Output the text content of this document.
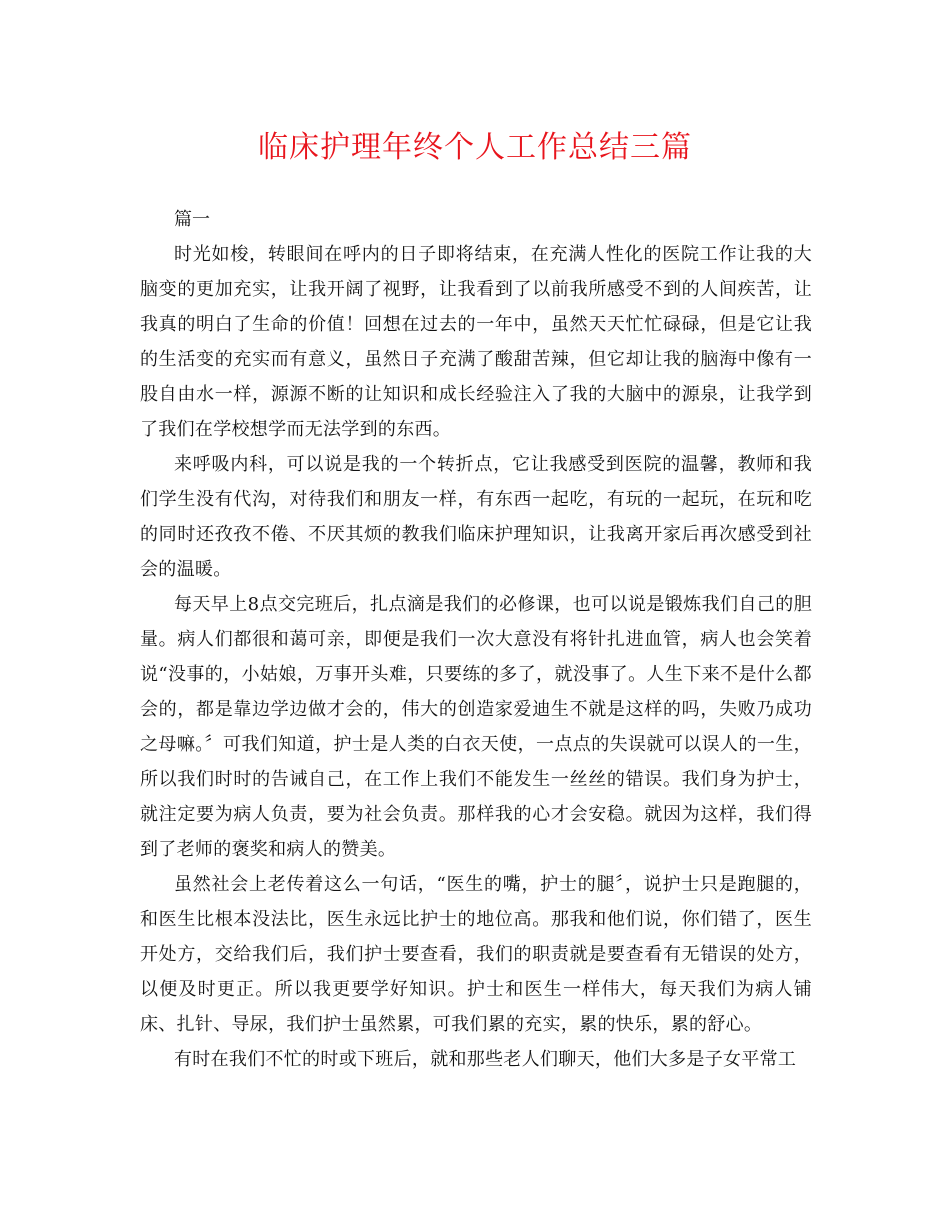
临床护理年终个人工作总结三篇

篇一

时光如梭，转眼间在呼内的日子即将结束，在充满人性化的医院工作让我的大脑变的更加充实，让我开阔了视野，让我看到了以前我所感受不到的人间疾苦，让我真的明白了生命的价值！回想在过去的一年中，虽然天天忙忙碌碌，但是它让我的生活变的充实而有意义，虽然日子充满了酸甜苦辣，但它却让我的脑海中像有一股自由水一样，源源不断的让知识和成长经验注入了我的大脑中的源泉，让我学到了我们在学校想学而无法学到的东西。

来呼吸内科，可以说是我的一个转折点，它让我感受到医院的温馨，教师和我们学生没有代沟，对待我们和朋友一样，有东西一起吃，有玩的一起玩，在玩和吃的同时还孜孜不倦、不厌其烦的教我们临床护理知识，让我离开家后再次感受到社会的温暖。

每天早上8点交完班后，扎点滴是我们的必修课，也可以说是锻炼我们自己的胆量。病人们都很和蔼可亲，即便是我们一次大意没有将针扎进血管，病人也会笑着说“没事的，小姑娘，万事开头难，只要练的多了，就没事了。人生下来不是什么都会的，都是靠边学边做才会的，伟大的创造家爱迪生不就是这样的吗，失败乃成功之母嘛。〞可我们知道，护士是人类的白衣天使，一点点的失误就可以误人的一生，所以我们时时的告诫自己，在工作上我们不能发生一丝丝的错误。我们身为护士，就注定要为病人负责，要为社会负责。那样我的心才会安稳。就因为这样，我们得到了老师的褒奖和病人的赞美。

虽然社会上老传着这么一句话，“医生的嘴，护士的腿〞，说护士只是跑腿的，和医生比根本没法比，医生永远比护士的地位高。那我和他们说，你们错了，医生开处方，交给我们后，我们护士要查看，我们的职责就是要查看有无错误的处方，以便及时更正。所以我更要学好知识。护士和医生一样伟大，每天我们为病人铺床、扎针、导尿，我们护士虽然累，可我们累的充实，累的快乐，累的舒心。

有时在我们不忙的时或下班后，就和那些老人们聊天，他们大多是子女平常工
